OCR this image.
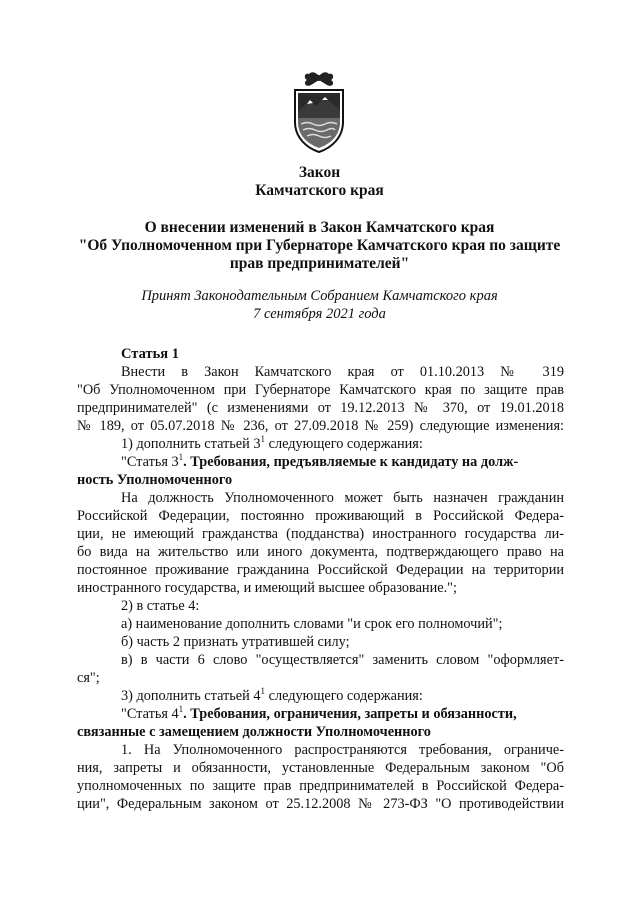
Закон
Камчатского края
О внесении изменений в Закон Камчатского края
"Об Уполномоченном при Губернаторе Камчатского края по защите
прав предпринимателей"
Принят Законодательным Собранием Камчатского края
7 сентября 2021 года
Статья 1
Внести в Закон Камчатского края от 01.10.2013 № 319
"Об Уполномоченном при Губернаторе Камчатского края по защите прав
предпринимателей" (с изменениями от 19.12.2013 № 370, от 19.01.2018
№ 189, от 05.07.2018 № 236, от 27.09.2018 № 259) следующие изменения:
1) дополнить статьей $3^1$ следующего содержания:
"Статья $3^1$. Требования, предъявляемые к кандидату на долж-
ность Уполномоченного
На должность Уполномоченного может быть назначен гражданин
Российской Федерации, постоянно проживающий в Российской Федера-
ции, не имеющий гражданства (подданства) иностранного государства ли-
бо вида на жительство или иного документа, подтверждающего право на
постоянное проживание гражданина Российской Федерации на территории
иностранного государства, и имеющий высшее образование.";
2) в статье 4:
а) наименование дополнить словами "и срок его полномочий";
б) часть 2 признать утратившей силу;
в) в части 6 слово "осуществляется" заменить словом "оформляет-
ся";
3) дополнить статьей $4^1$ следующего содержания:
"Статья $4^1$. Требования, ограничения, запреты и обязанности,
связанные с замещением должности Уполномоченного
1. На Уполномоченного распространяются требования, ограниче-
ния, запреты и обязанности, установленные Федеральным законом "Об
уполномоченных по защите прав предпринимателей в Российской Федера-
ции", Федеральным законом от 25.12.2008 № 273-ФЗ "О противодействии
